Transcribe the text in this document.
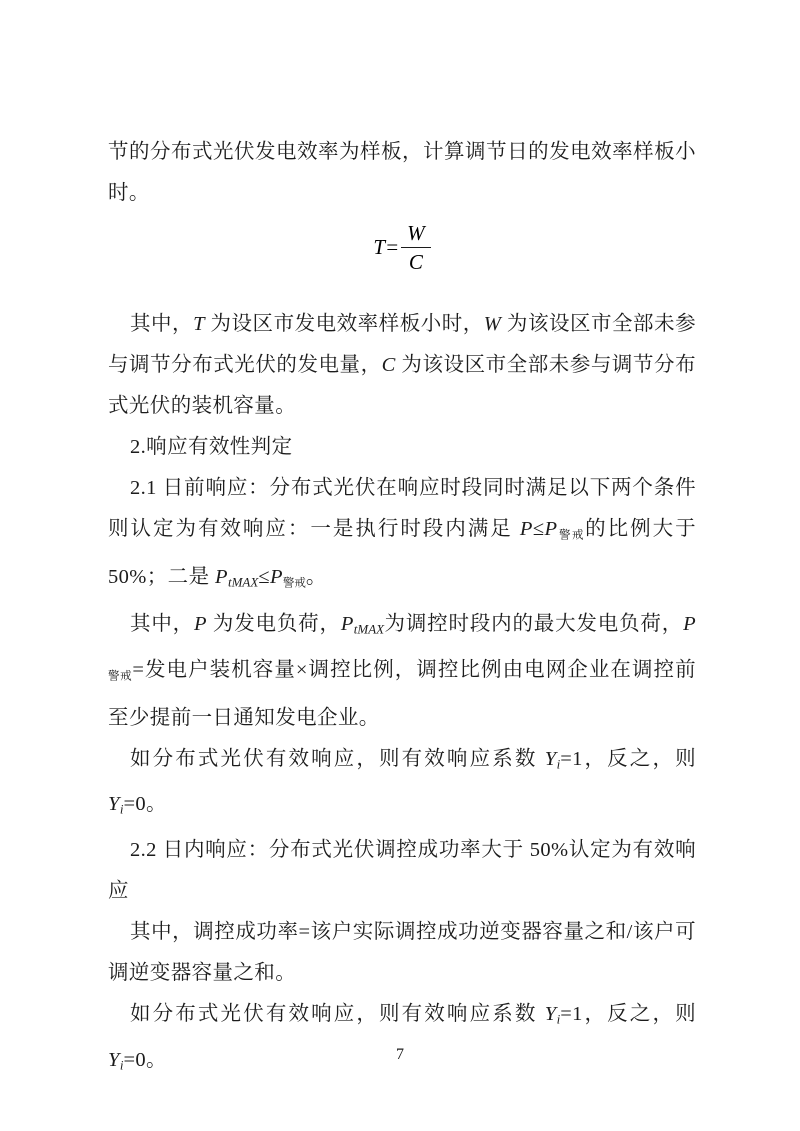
节的分布式光伏发电效率为样板，计算调节日的发电效率样板小时。

$T= \frac{W}{C}$

其中，T 为设区市发电效率样板小时，W 为该设区市全部未参与调节分布式光伏的发电量，C 为该设区市全部未参与调节分布式光伏的装机容量。

2.响应有效性判定

2.1 日前响应：分布式光伏在响应时段同时满足以下两个条件则认定为有效响应：一是执行时段内满足 P≤P警戒的比例大于50%；二是 $P_{tMAX}\le P$警戒。

其中，P 为发电负荷，$P_{tMAX}$为调控时段内的最大发电负荷，P警戒=发电户装机容量×调控比例，调控比例由电网企业在调控前至少提前一日通知发电企业。

如分布式光伏有效响应，则有效响应系数 $Y_i=1$，反之，则$Y_i=0$。

2.2 日内响应：分布式光伏调控成功率大于 50%认定为有效响应

其中，调控成功率=该户实际调控成功逆变器容量之和/该户可调逆变器容量之和。

如分布式光伏有效响应，则有效响应系数 $Y_i=1$，反之，则$Y_i=0$。	7
